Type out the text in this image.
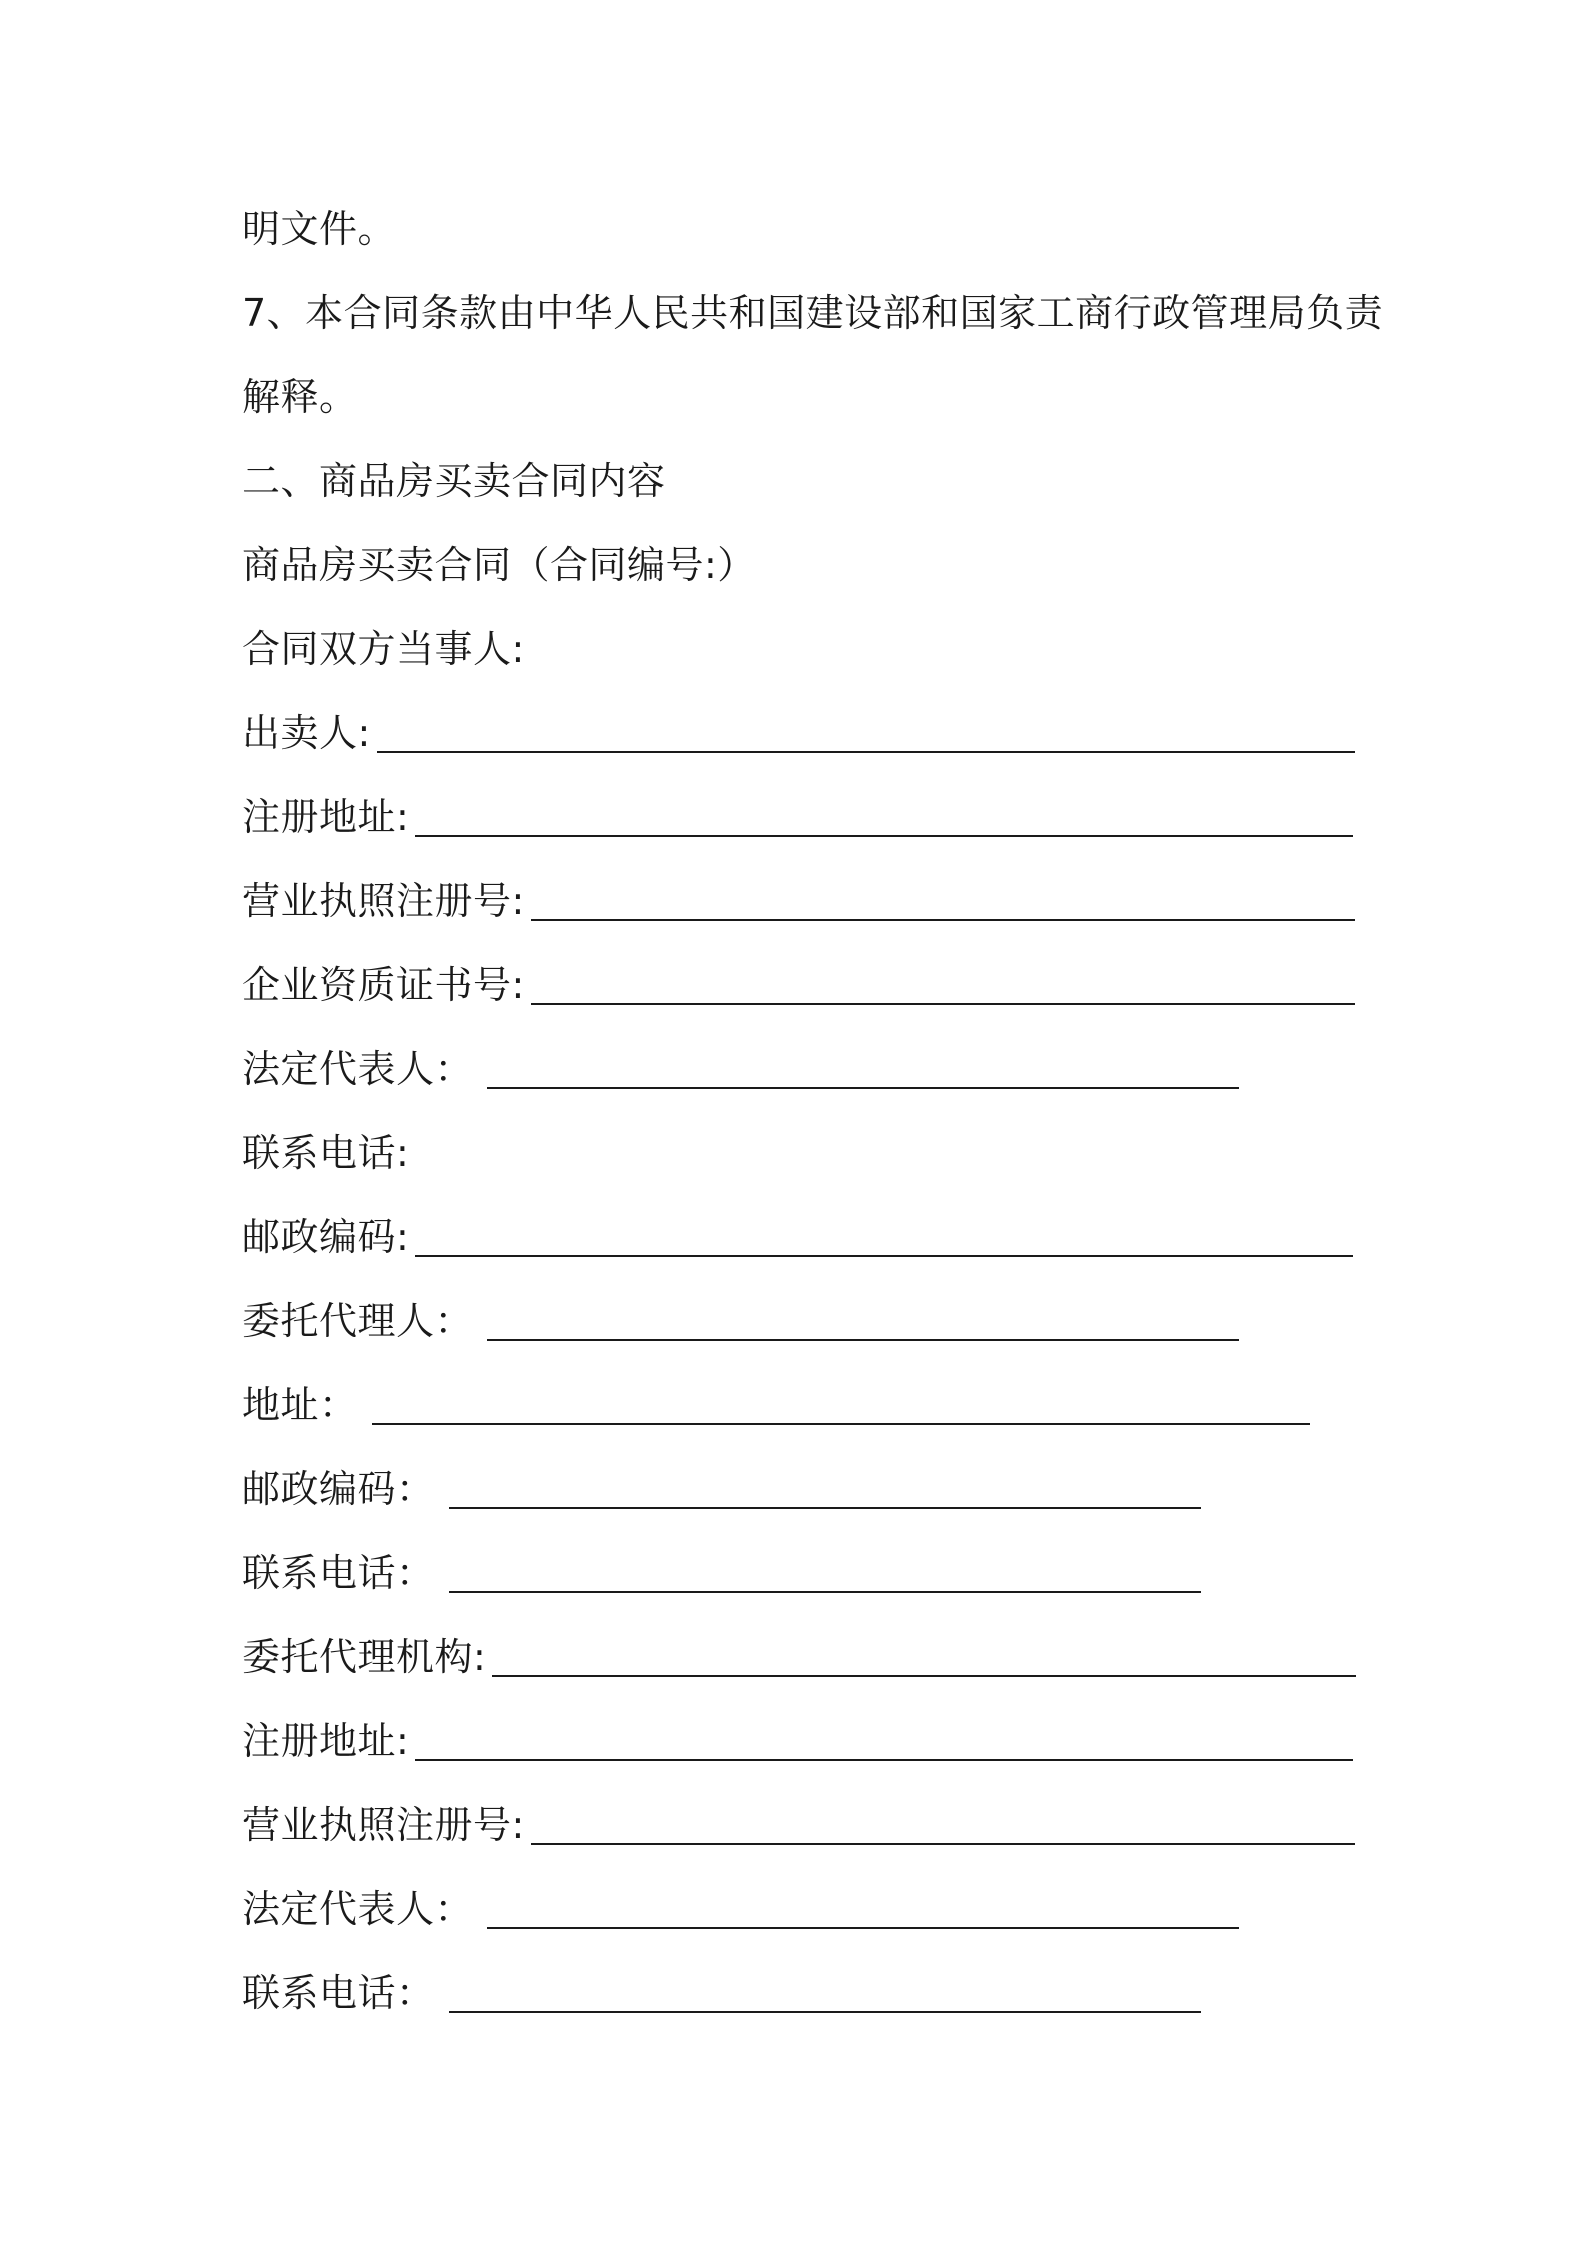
明文件。
7、本合同条款由中华人民共和国建设部和国家工商行政管理局负责
解释。
二、商品房买卖合同内容
商品房买卖合同（合同编号:）
合同双方当事人:
出卖人:
注册地址:
营业执照注册号:
企业资质证书号:
法定代表人：
联系电话:
邮政编码:
委托代理人：
地址：
邮政编码：
联系电话：
委托代理机构:
注册地址:
营业执照注册号:
法定代表人：
联系电话：
